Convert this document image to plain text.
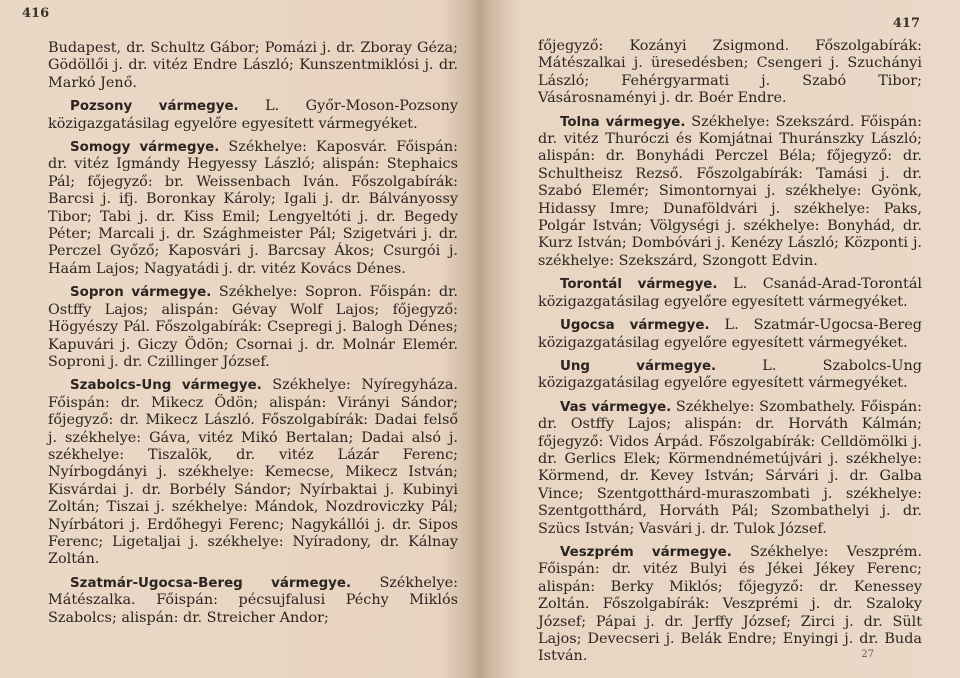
416

Budapest, dr. Schultz Gábor; Pomázi j. dr. Zboray Géza; Gödöllői j. dr. vitéz Endre László; Kunszentmiklósi j. dr. Markó Jenő.

Pozsony vármegye. L. Győr-Moson-Pozsony közigazgatásilag egyelőre egyesített vármegyéket.

Somogy vármegye. Székhelye: Kaposvár. Főispán: dr. vitéz Igmándy Hegyessy László; alispán: Stephaics Pál; főjegyző: br. Weissenbach Iván. Főszolgabírák: Barcsi j. ifj. Boronkay Károly; Igali j. dr. Bálványossy Tibor; Tabi j. dr. Kiss Emil; Lengyeltóti j. dr. Begedy Péter; Marcali j. dr. Szághmeister Pál; Szigetvári j. dr. Perczel Győző; Kaposvári j. Barcsay Ákos; Csurgói j. Haám Lajos; Nagyatádi j. dr. vitéz Kovács Dénes.

Sopron vármegye. Székhelye: Sopron. Főispán: dr. Ostffy Lajos; alispán: Gévay Wolf Lajos; főjegyző: Högyészy Pál. Főszolgabírák: Csepregi j. Balogh Dénes; Kapuvári j. Giczy Ödön; Csornai j. dr. Molnár Elemér. Soproni j. dr. Czillinger József.

Szabolcs-Ung vármegye. Székhelye: Nyíregyháza. Főispán: dr. Mikecz Ödön; alispán: Virányi Sándor; főjegyző: dr. Mikecz László. Főszolgabírák: Dadai felső j. székhelye: Gáva, vitéz Mikó Bertalan; Dadai alsó j. székhelye: Tiszalök, dr. vitéz Lázár Ferenc; Nyírbogdányi j. székhelye: Kemecse, Mikecz István; Kisvárdai j. dr. Borbély Sándor; Nyírbaktai j. Kubinyi Zoltán; Tiszai j. székhelye: Mándok, Nozdroviczky Pál; Nyírbátori j. Erdőhegyi Ferenc; Nagykállói j. dr. Sipos Ferenc; Ligetaljai j. székhelye: Nyíradony, dr. Kálnay Zoltán.

Szatmár-Ugocsa-Bereg vármegye. Székhelye: Mátészalka. Főispán: pécsujfalusi Péchy Miklós Szabolcs; alispán: dr. Streicher Andor;

417

főjegyző: Kozányi Zsigmond. Főszolgabírák: Mátészalkai j. üresedésben; Csengeri j. Szuchányi László; Fehérgyarmati j. Szabó Tibor; Vásárosnaményi j. dr. Boér Endre.

Tolna vármegye. Székhelye: Szekszárd. Főispán: dr. vitéz Thuróczi és Komjátnai Thuránszky László; alispán: dr. Bonyhádi Perczel Béla; főjegyző: dr. Schultheisz Rezső. Főszolgabírák: Tamási j. dr. Szabó Elemér; Simontornyai j. székhelye: Gyönk, Hidassy Imre; Dunaföldvári j. székhelye: Paks, Polgár István; Völgységi j. székhelye: Bonyhád, dr. Kurz István; Dombóvári j. Kenézy László; Központi j. székhelye: Szekszárd, Szongott Edvin.

Torontál vármegye. L. Csanád-Arad-Torontál közigazgatásilag egyelőre egyesített vármegyéket.

Ugocsa vármegye. L. Szatmár-Ugocsa-Bereg közigazgatásilag egyelőre egyesített vármegyéket.

Ung vármegye.	L. Szabolcs-Ung közigazgatásilag egyelőre egyesített vármegyéket.

Vas vármegye. Székhelye: Szombathely. Főispán: dr. Ostffy Lajos; alispán: dr. Horváth Kálmán; főjegyző: Vidos Árpád. Főszolgabírák: Celldömölki j. dr. Gerlics Elek; Körmendnémetújvári j. székhelye: Körmend, dr. Kevey István; Sárvári j. dr. Galba Vince; Szentgotthárd-muraszombati j. székhelye: Szentgotthárd, Horváth Pál; Szombathelyi j. dr. Szücs István; Vasvári j. dr. Tulok József.

Veszprém vármegye. Székhelye: Veszprém. Főispán: dr. vitéz Bulyi és Jékei Jékey Ferenc; alispán: Berky Miklós; főjegyző: dr. Kenessey Zoltán. Főszolgabírák: Veszprémi j. dr. Szaloky József; Pápai j. dr. Jerffy József; Zirci j. dr. Sült Lajos; Devecseri j. Belák Endre; Enyingi j. dr. Buda István.	27
